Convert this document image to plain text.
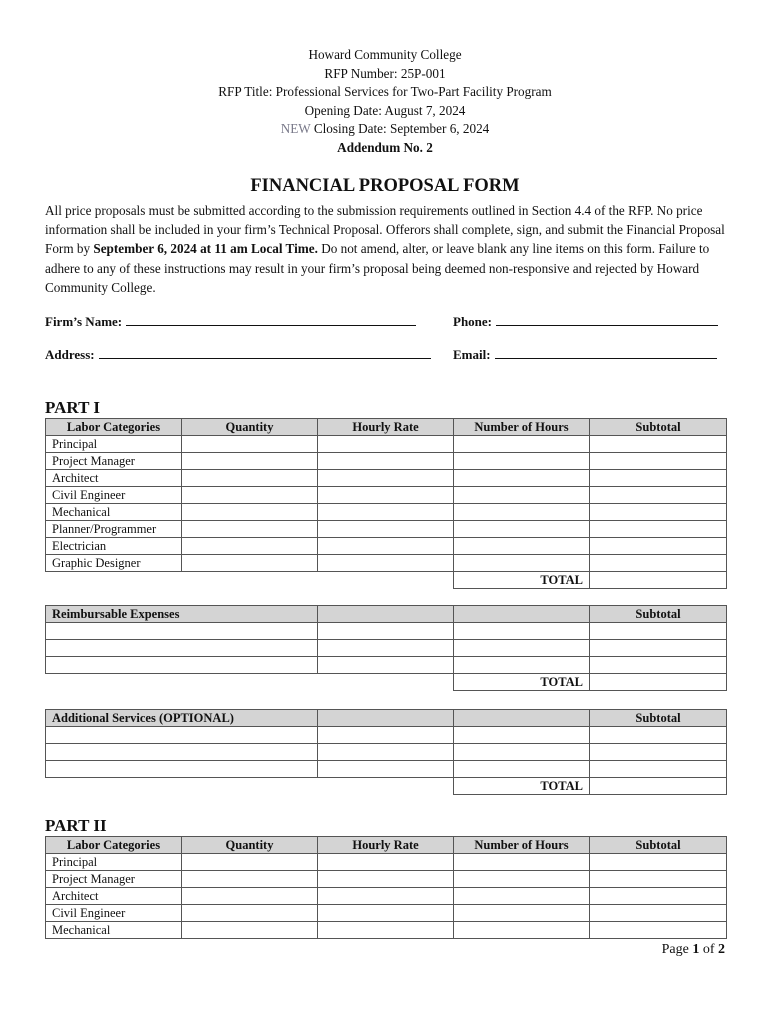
Howard Community College
RFP Number: 25P-001
RFP Title: Professional Services for Two-Part Facility Program
Opening Date: August 7, 2024
NEW Closing Date: September 6, 2024
Addendum No. 2
FINANCIAL PROPOSAL FORM
All price proposals must be submitted according to the submission requirements outlined in Section 4.4 of the RFP. No price information shall be included in your firm’s Technical Proposal. Offerors shall complete, sign, and submit the Financial Proposal Form by September 6, 2024 at 11 am Local Time. Do not amend, alter, or leave blank any line items on this form. Failure to adhere to any of these instructions may result in your firm’s proposal being deemed non-responsive and rejected by Howard Community College.
Firm’s Name:	Phone:
Address:	Email:
PART I
Labor Categories	Quantity	Hourly Rate	Number of Hours	Subtotal
Principal				
Project Manager				
Architect				
Civil Engineer				
Mechanical				
Planner/Programmer				
Electrician				
Graphic Designer				
			TOTAL	
Reimbursable Expenses			Subtotal

		TOTAL	
Additional Services (OPTIONAL)			Subtotal

		TOTAL	
PART II
Labor Categories	Quantity	Hourly Rate	Number of Hours	Subtotal
Principal				
Project Manager				
Architect				
Civil Engineer				
Mechanical				
Page 1 of 2
